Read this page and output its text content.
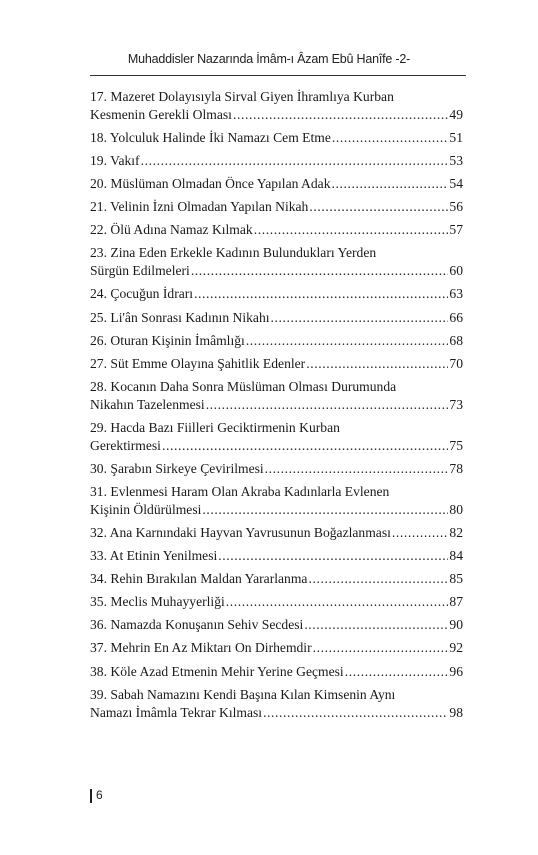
Muhaddisler Nazarında İmâm-ı Âzam Ebû Hanîfe -2-
17. Mazeret Dolayısıyla Sirval Giyen İhramlıya Kurban
Kesmenin Gerekli Olması .....	49
18. Yolculuk Halinde İki Namazı Cem Etme .....	51
19. Vakıf .....	53
20. Müslüman Olmadan Önce Yapılan Adak .....	54
21. Velinin İzni Olmadan Yapılan Nikah .....	56
22. Ölü Adına Namaz Kılmak .....	57
23. Zina Eden Erkekle Kadının Bulundukları Yerden
Sürgün Edilmeleri .....	60
24. Çocuğun İdrarı .....	63
25. Li'ân Sonrası Kadının Nikahı .....	66
26. Oturan Kişinin İmâmlığı .....	68
27. Süt Emme Olayına Şahitlik Edenler .....	70
28. Kocanın Daha Sonra Müslüman Olması Durumunda
Nikahın Tazelenmesi .....	73
29. Hacda Bazı Fiilleri Geciktirmenin Kurban
Gerektirmesi .....	75
30. Şarabın Sirkeye Çevirilmesi .....	78
31. Evlenmesi Haram Olan Akraba Kadınlarla Evlenen
Kişinin Öldürülmesi .....	80
32. Ana Karnındaki Hayvan Yavrusunun Boğazlanması .....	82
33. At Etinin Yenilmesi .....	84
34. Rehin Bırakılan Maldan Yararlanma .....	85
35. Meclis Muhayyerliği .....	87
36. Namazda Konuşanın Sehiv Secdesi .....	90
37. Mehrin En Az Miktarı On Dirhemdir .....	92
38. Köle Azad Etmenin Mehir Yerine Geçmesi .....	96
39. Sabah Namazını Kendi Başına Kılan Kimsenin Aynı
Namazı İmâmla Tekrar Kılması .....	98
6
